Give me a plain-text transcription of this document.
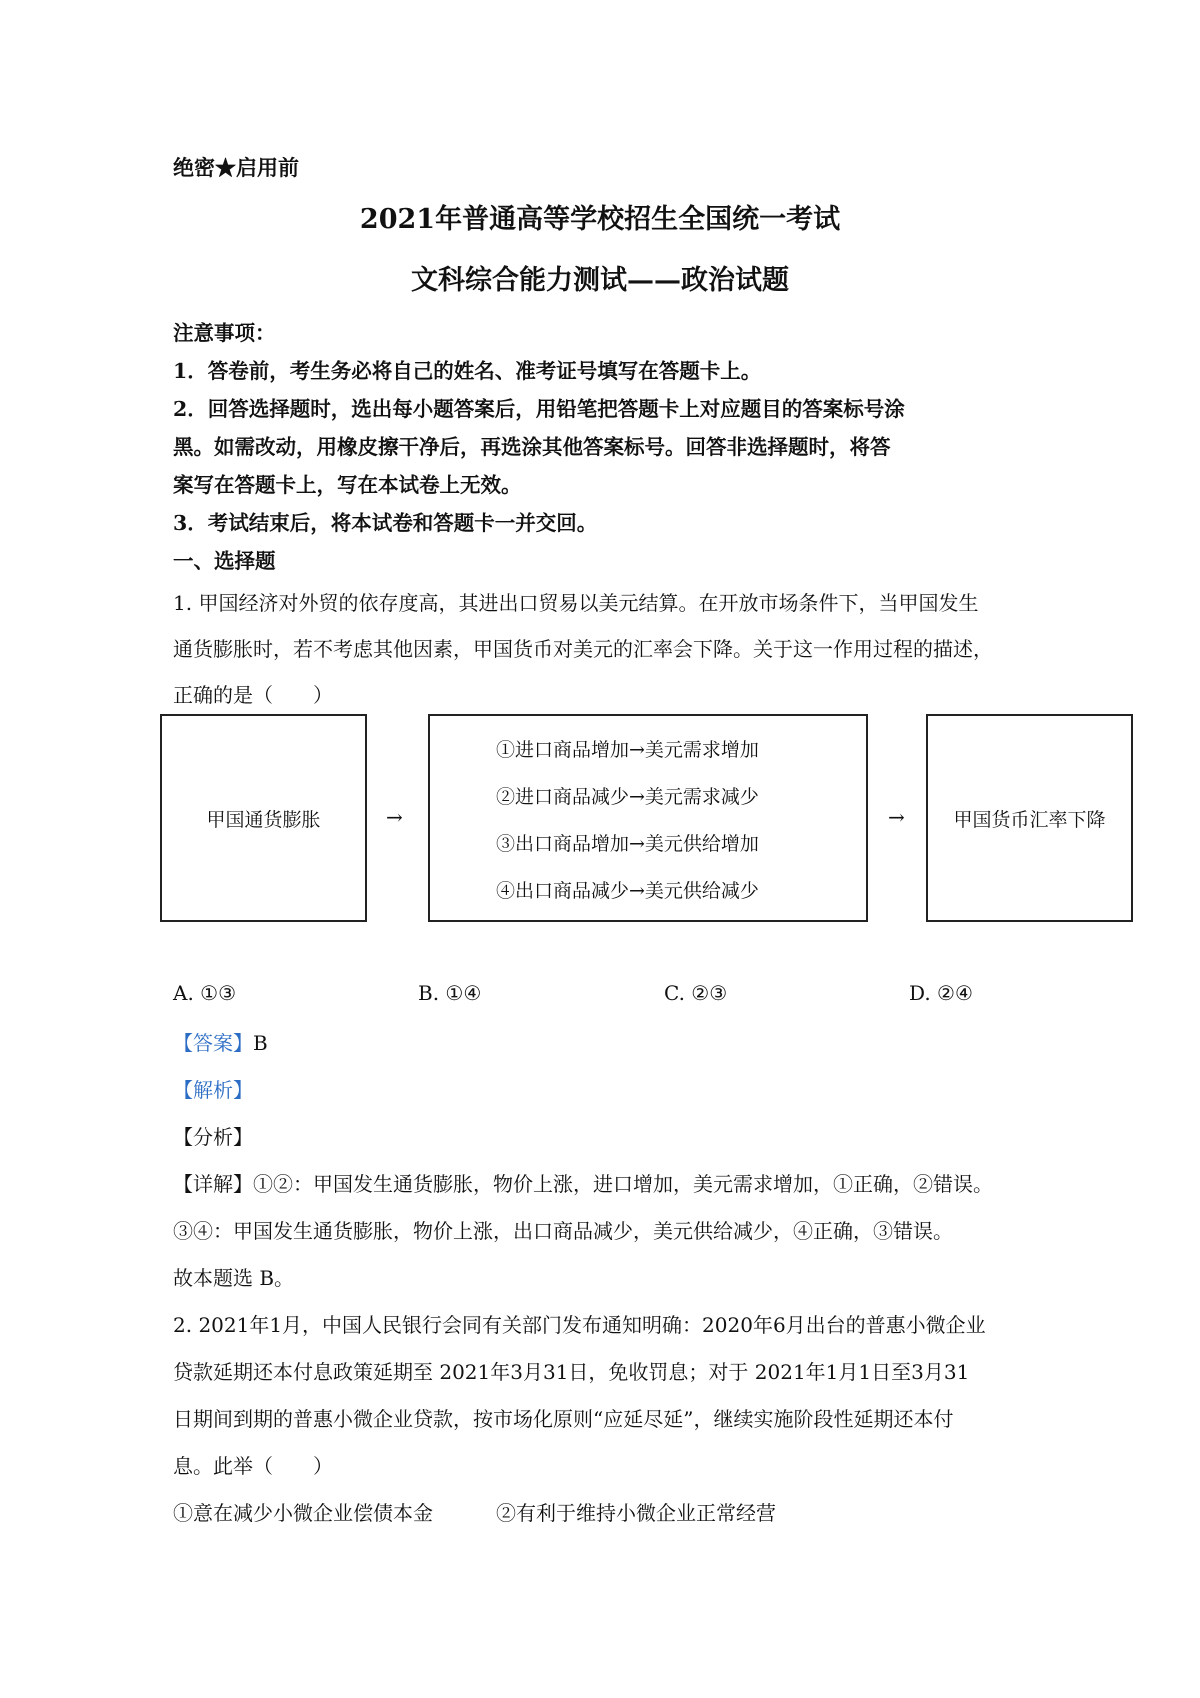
绝密★启用前
2021年普通高等学校招生全国统一考试
文科综合能力测试——政治试题
注意事项：
1．答卷前，考生务必将自己的姓名、准考证号填写在答题卡上。
2．回答选择题时，选出每小题答案后，用铅笔把答题卡上对应题目的答案标号涂
黑。如需改动，用橡皮擦干净后，再选涂其他答案标号。回答非选择题时，将答
案写在答题卡上，写在本试卷上无效。
3．考试结束后，将本试卷和答题卡一并交回。
一、选择题
1. 甲国经济对外贸的依存度高，其进出口贸易以美元结算。在开放市场条件下，当甲国发生
通货膨胀时，若不考虑其他因素，甲国货币对美元的汇率会下降。关于这一作用过程的描述，
正确的是（　　）
甲国通货膨胀	→
①进口商品增加→美元需求增加
②进口商品减少→美元需求减少
③出口商品增加→美元供给增加
④出口商品减少→美元供给减少
→	甲国货币汇率下降
A. ①③	B. ①④	C. ②③	D. ②④
【答案】B
【解析】
【分析】
【详解】①②：甲国发生通货膨胀，物价上涨，进口增加，美元需求增加，①正确，②错误。
③④：甲国发生通货膨胀，物价上涨，出口商品减少，美元供给减少，④正确，③错误。
故本题选 B。
2. 2021年1月，中国人民银行会同有关部门发布通知明确：2020年6月出台的普惠小微企业
贷款延期还本付息政策延期至 2021年3月31日，免收罚息；对于 2021年1月1日至3月31
日期间到期的普惠小微企业贷款，按市场化原则“应延尽延”，继续实施阶段性延期还本付
息。此举（　　）
①意在减少小微企业偿债本金	②有利于维持小微企业正常经营
